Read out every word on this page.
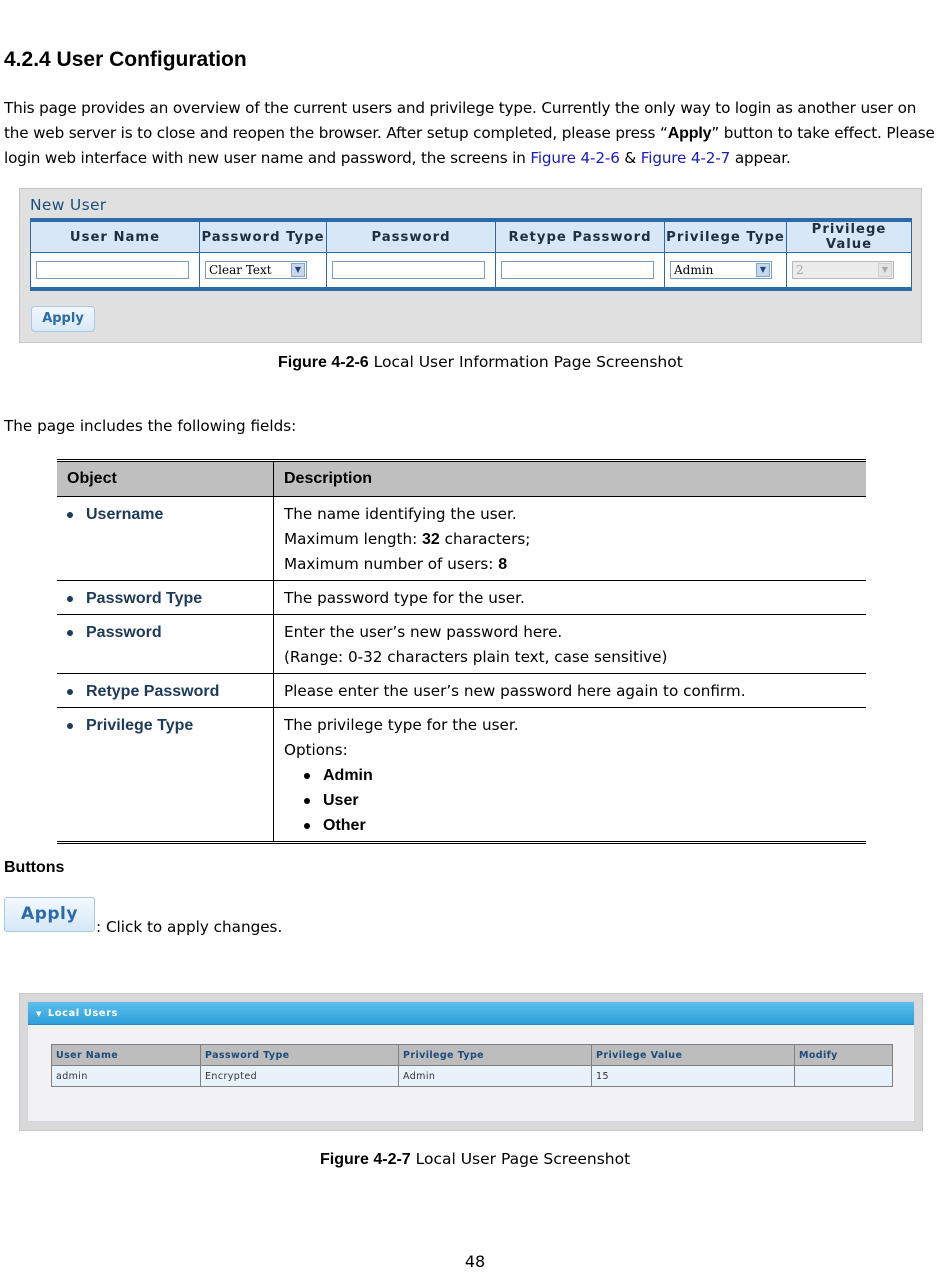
4.2.4 User Configuration

This page provides an overview of the current users and privilege type. Currently the only way to login as another user on the web server is to close and reopen the browser. After setup completed, please press “Apply” button to take effect. Please login web interface with new user name and password, the screens in Figure 4-2-6 & Figure 4-2-7 appear.

New User
User Name	Password Type	Password	Retype Password	Privilege Type	Privilege Value

	Clear Text ▼			Admin ▼	2 ▼
Apply
Figure 4-2-6 Local User Information Page Screenshot
The page includes the following fields:
Object	Description

Username	The name identifying the user.
Maximum length: 32 characters;
Maximum number of users: 8

Password Type	The password type for the user.

Password	Enter the user’s new password here.
(Range: 0-32 characters plain text, case sensitive)

Retype Password	Please enter the user’s new password here again to confirm.

Privilege Type	The privilege type for the user.
Options:
Admin
User
Other
Buttons
Apply
: Click to apply changes.
▼ Local Users
User Name	Password Type	Privilege Type	Privilege Value	Modify
admin	Encrypted	Admin	15	
Figure 4-2-7 Local User Page Screenshot
48
